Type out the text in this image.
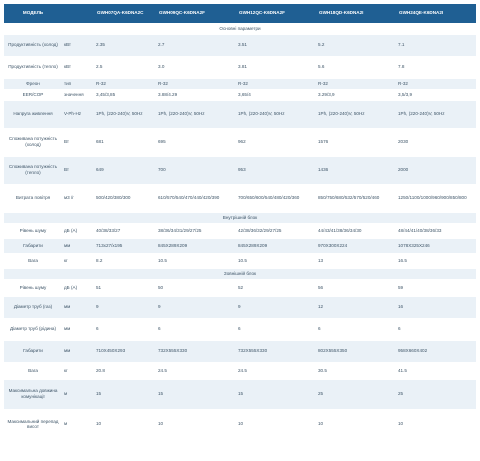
МОДЕЛЬ		GWH07QA-K6DNA2C	GWH09QC-K6DNA2F	GWH12QC-K6DNA2F	GWH18QD-K6DNA2I	GWH24QE-K6DNA2I
Основні параметри						
Продуктивність (холод)	кВт	2.35	2.7	3.51	5.2	7.1
Продуктивність (тепло)	кВт	2.5	3.0	3.81	5.6	7.8
Фреон	тип	R-32	R-32	R-32	R-32	R-32
EER/COP	значення	3,45/3,85	3.88/4.29	3,65/4	3.29/3,9	3,5/3,9
Напруга живлення	V-Ph-Hz	1Ph, (220-240)V, 50Hz	1Ph, (220-240)V, 50Hz	1Ph, (220-240)V, 50Hz	1Ph, (220-240)V, 50Hz	1Ph, (220-240)V, 50Hz
Споживана потужність (холод)	Вт	681	695	962	1576	2030
Споживана потужність (тепло)	Вт	649	700	953	1436	2000
Витрата повітря	м3 /г	500/420/380/300	610/570/540/470/440/420/390	700/650/600/540/480/420/360	850/750/680/532/570/520/460	1250/1100/1000/960/900/850/800
Внутрішній блок						
Рівень шуму	дБ (A)	40/38/33/27	38/36/34/31/29/27/25	42/38/36/32/29/27/25	44/43/41/38/36/34/30	48/44/41/40/38/36/33
Габарити	мм	713x27/x195	845X289X209	845X289X209	970X300X224	1078X325X246
Вага	кг	8.2	10.5	10.5	13	16.5
Зовнішній блок						
Рівень шуму	дБ (A)	51	50	52	56	59
Діаметр труб (газ)	мм	9	9	9	12	16
Діаметр труб (рідина)	мм	6	6	6	6	6
Габарити	мм	710X450X293	732X555X330	732X555X330	802X555X350	958X660X402
Вага	кг	20.8	24.5	24.5	30.5	41.5
Максимальна довжина комунікації	м	15	15	15	25	25
Максимальний перепад висот	м	10	10	10	10	10
